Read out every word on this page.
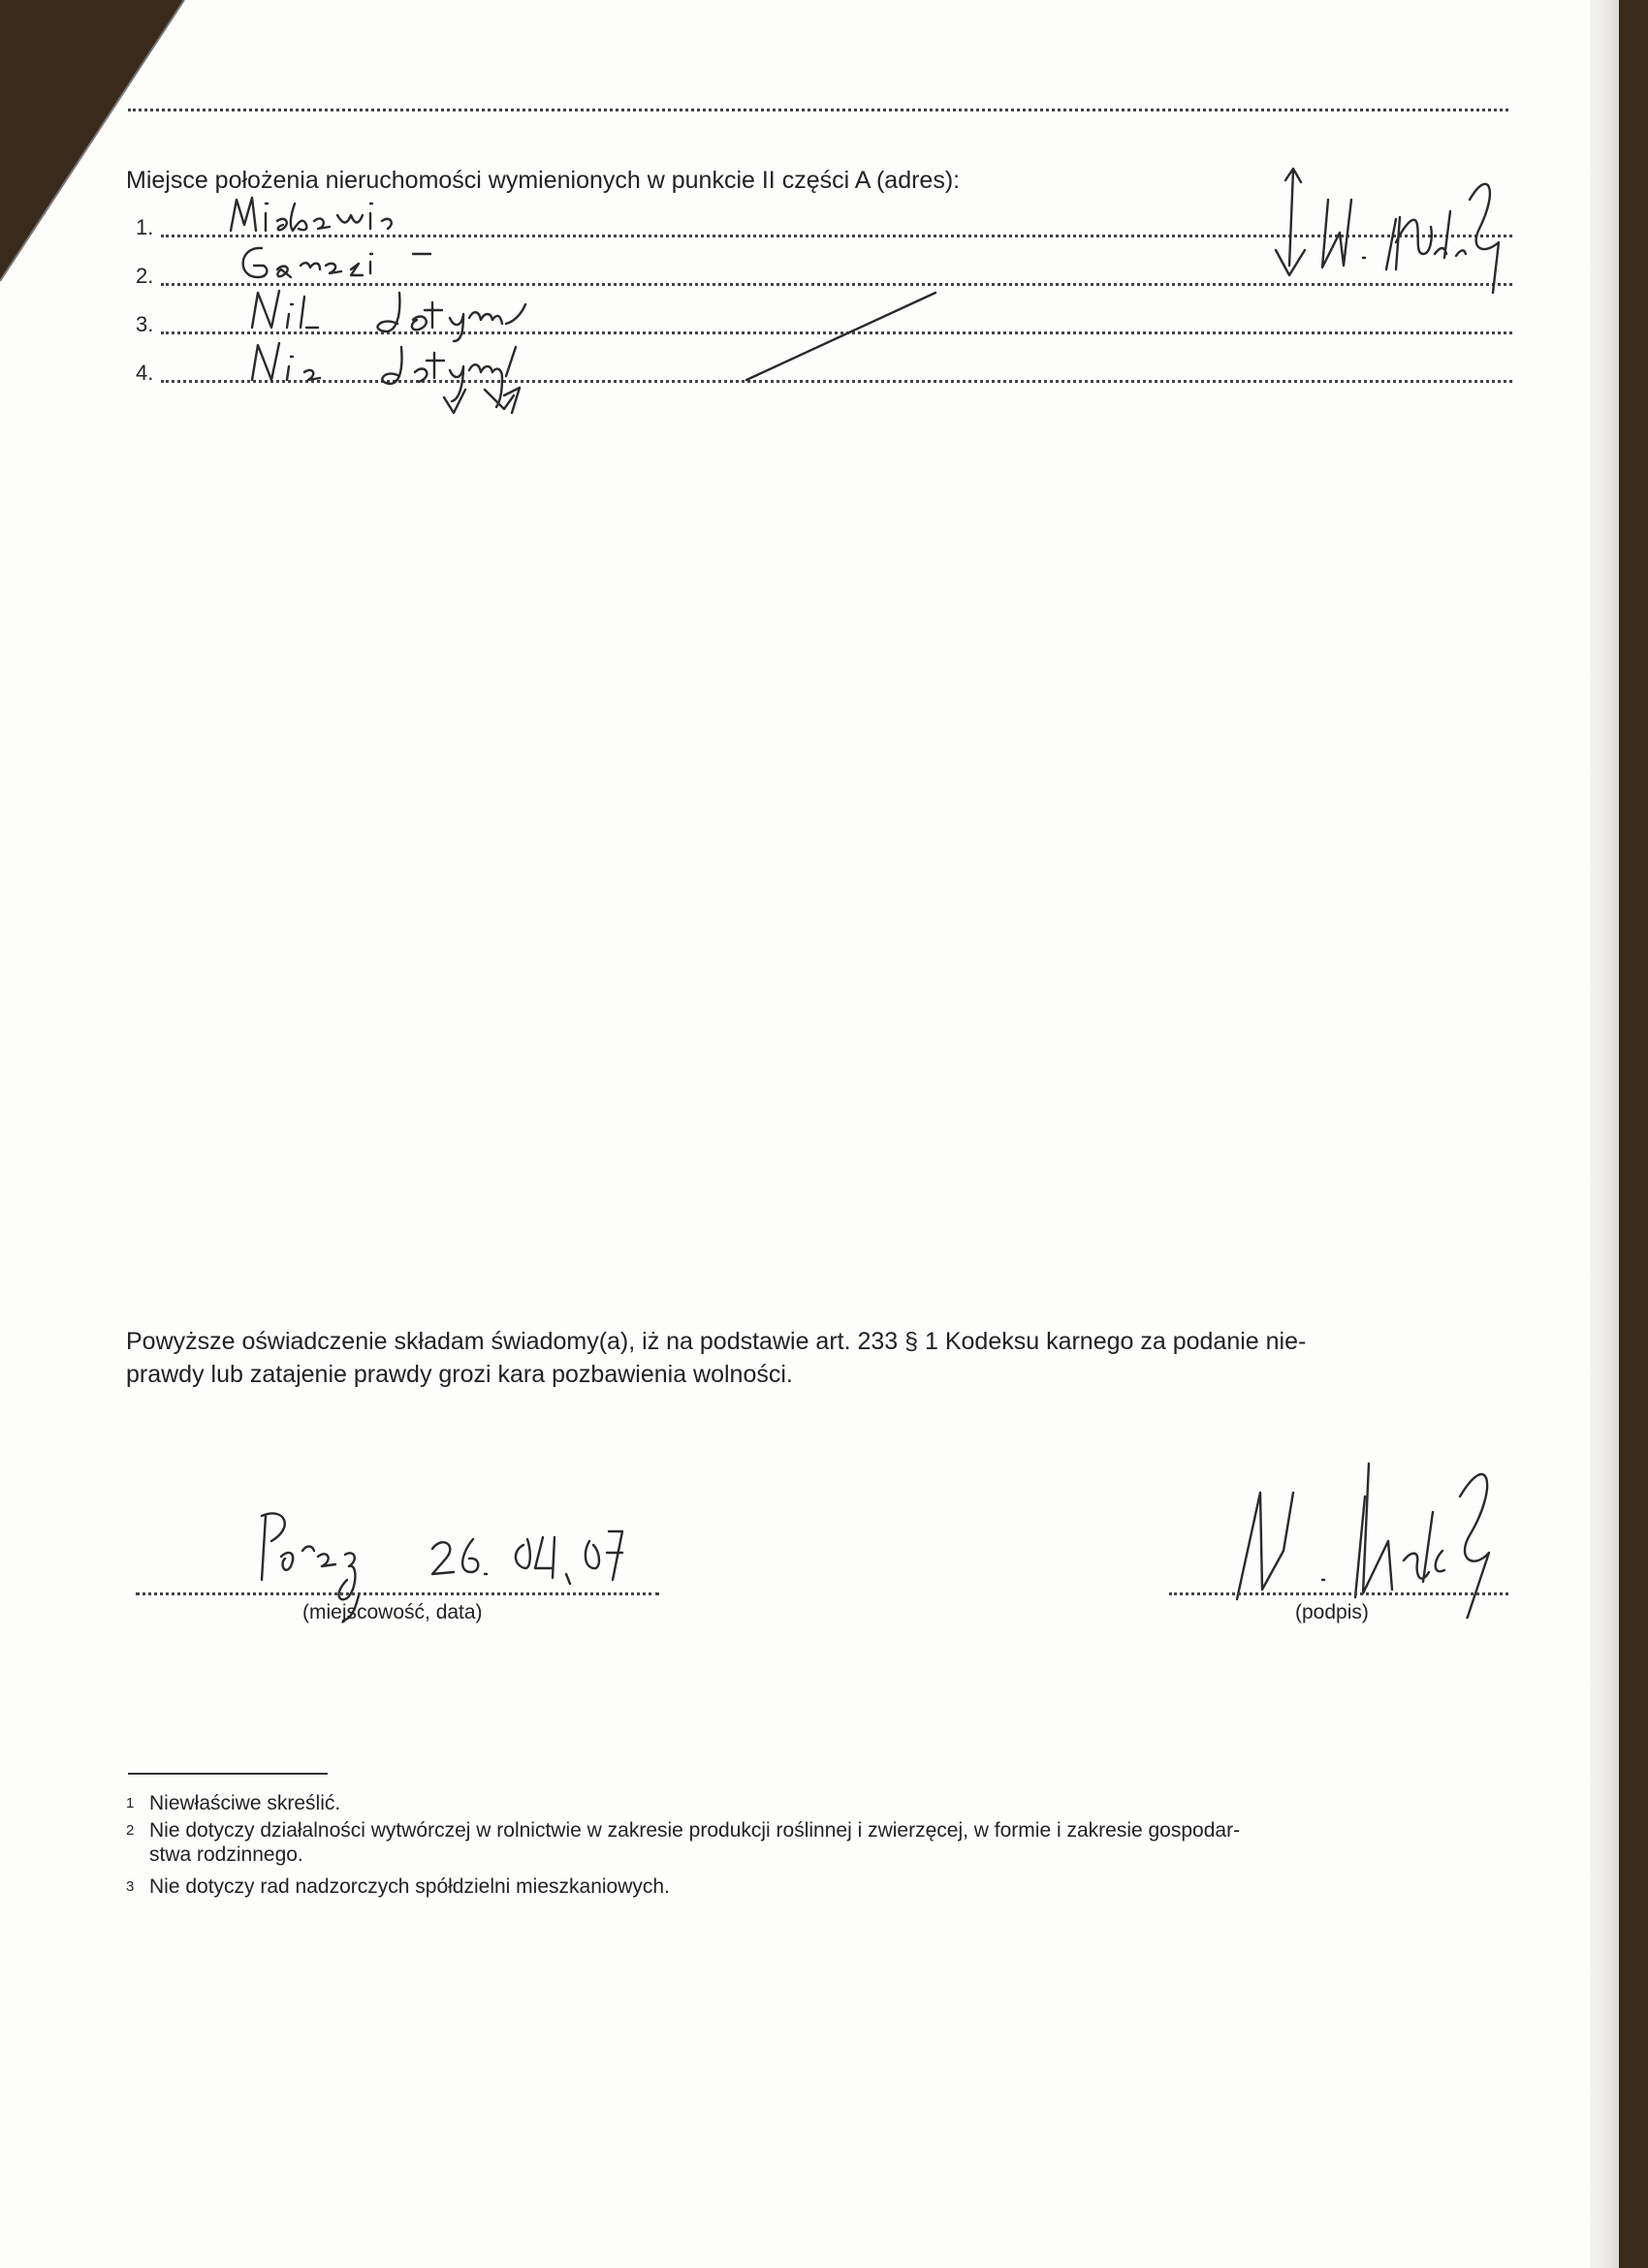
Miejsce położenia nieruchomości wymienionych w punkcie II części A (adres):
1.
2.
3.
4.
Powyższe oświadczenie składam świadomy(a), iż na podstawie art. 233 § 1 Kodeksu karnego za podanie nie-
prawdy lub zatajenie prawdy grozi kara pozbawienia wolności.
(miejscowość, data)	(podpis)
1 Niewłaściwe skreślić.
2 Nie dotyczy działalności wytwórczej w rolnictwie w zakresie produkcji roślinnej i zwierzęcej, w formie i zakresie gospodar-
stwa rodzinnego.
3 Nie dotyczy rad nadzorczych spółdzielni mieszkaniowych.
